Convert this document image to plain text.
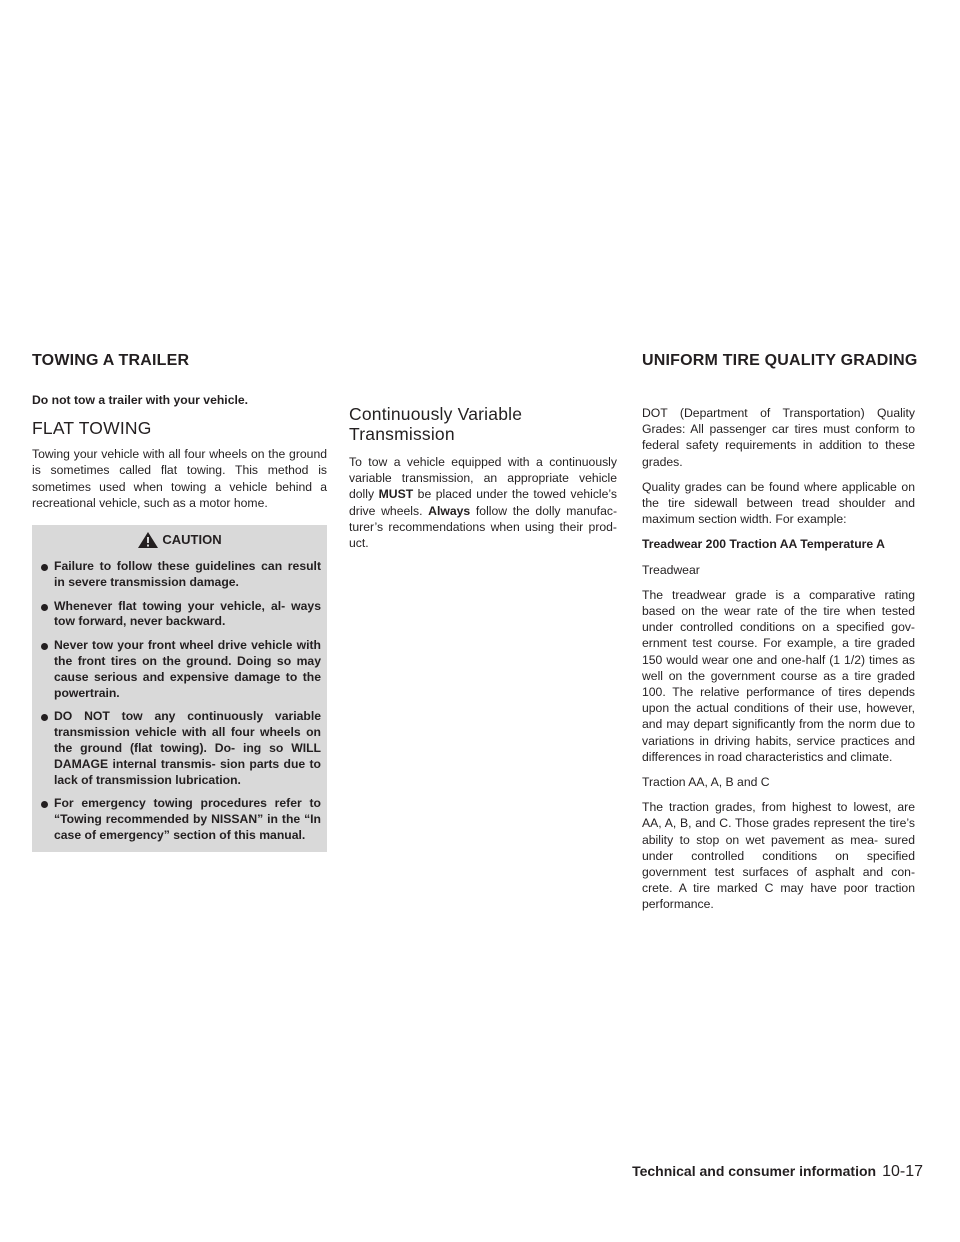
TOWING A TRAILER	UNIFORM TIRE QUALITY GRADING

Do not tow a trailer with your vehicle.

FLAT TOWING

Towing your vehicle with all four wheels on the ground is sometimes called flat towing. This method is sometimes used when towing a vehicle behind a recreational vehicle, such as a motor home.

CAUTION
Failure to follow these guidelines can result in severe transmission damage.
Whenever flat towing your vehicle, al- ways tow forward, never backward.
Never tow your front wheel drive vehicle with the front tires on the ground. Doing so may cause serious and expensive damage to the powertrain.
DO NOT tow any continuously variable transmission vehicle with all four wheels on the ground (flat towing). Do- ing so WILL DAMAGE internal transmis- sion parts due to lack of transmission lubrication.
For emergency towing procedures refer to “Towing recommended by NISSAN” in the “In case of emergency” section of this manual.
Continuously Variable Transmission

To tow a vehicle equipped with a continuously variable transmission, an appropriate vehicle dolly MUST be placed under the towed vehicle’s drive wheels. Always follow the dolly manufac- turer’s recommendations when using their prod- uct.

DOT (Department of Transportation) Quality Grades: All passenger car tires must conform to federal safety requirements in addition to these grades.

Quality grades can be found where applicable on the tire sidewall between tread shoulder and maximum section width. For example:

Treadwear 200 Traction AA Temperature A

Treadwear

The treadwear grade is a comparative rating based on the wear rate of the tire when tested under controlled conditions on a specified gov- ernment test course. For example, a tire graded 150 would wear one and one-half (1 1/2) times as well on the government course as a tire graded 100. The relative performance of tires depends upon the actual conditions of their use, however, and may depart significantly from the norm due to variations in driving habits, service practices and differences in road characteristics and climate.

Traction AA, A, B and C

The traction grades, from highest to lowest, are AA, A, B, and C. Those grades represent the tire’s ability to stop on wet pavement as mea- sured under controlled conditions on specified government test surfaces of asphalt and con- crete. A tire marked C may have poor traction performance.

Technical and consumer information 10-17
